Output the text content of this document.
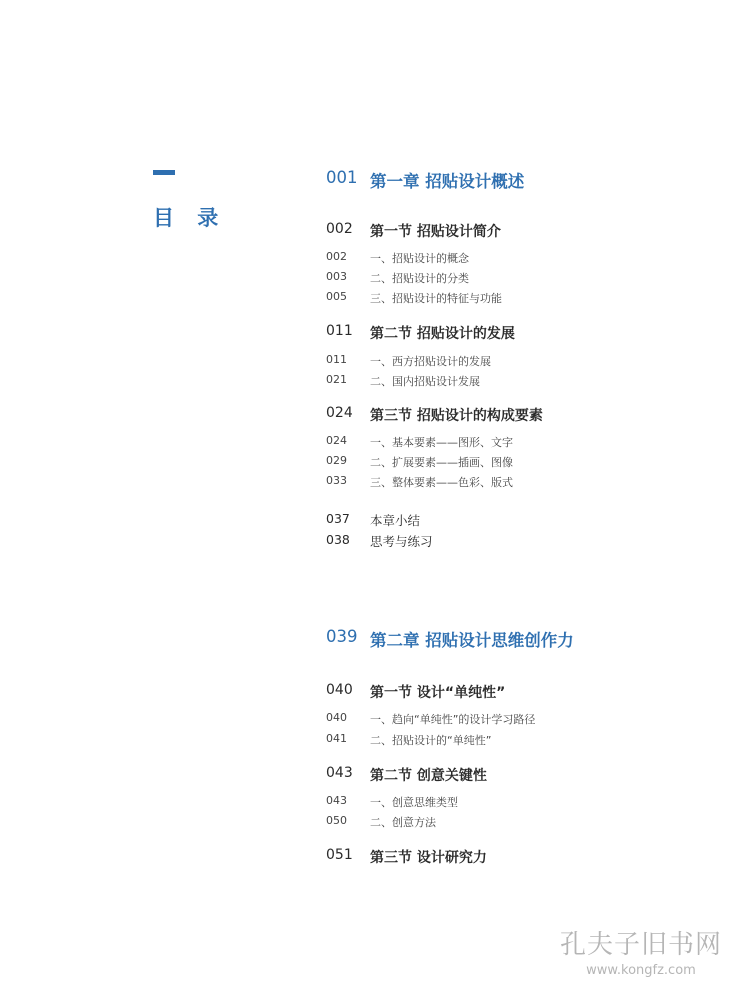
目 录
001 第一章 招贴设计概述
002 第一节 招贴设计简介
002 一、招贴设计的概念
003 二、招贴设计的分类
005 三、招贴设计的特征与功能
011 第二节 招贴设计的发展
011 一、西方招贴设计的发展
021 二、国内招贴设计发展
024 第三节 招贴设计的构成要素
024 一、基本要素——图形、文字
029 二、扩展要素——插画、图像
033 三、整体要素——色彩、版式
037 本章小结
038 思考与练习
039 第二章 招贴设计思维创作力
040 第一节 设计“单纯性”
040 一、趋向“单纯性”的设计学习路径
041 二、招贴设计的“单纯性”
043 第二节 创意关键性
043 一、创意思维类型
050 二、创意方法
051 第三节 设计研究力
孔夫子旧书网
www.kongfz.com
